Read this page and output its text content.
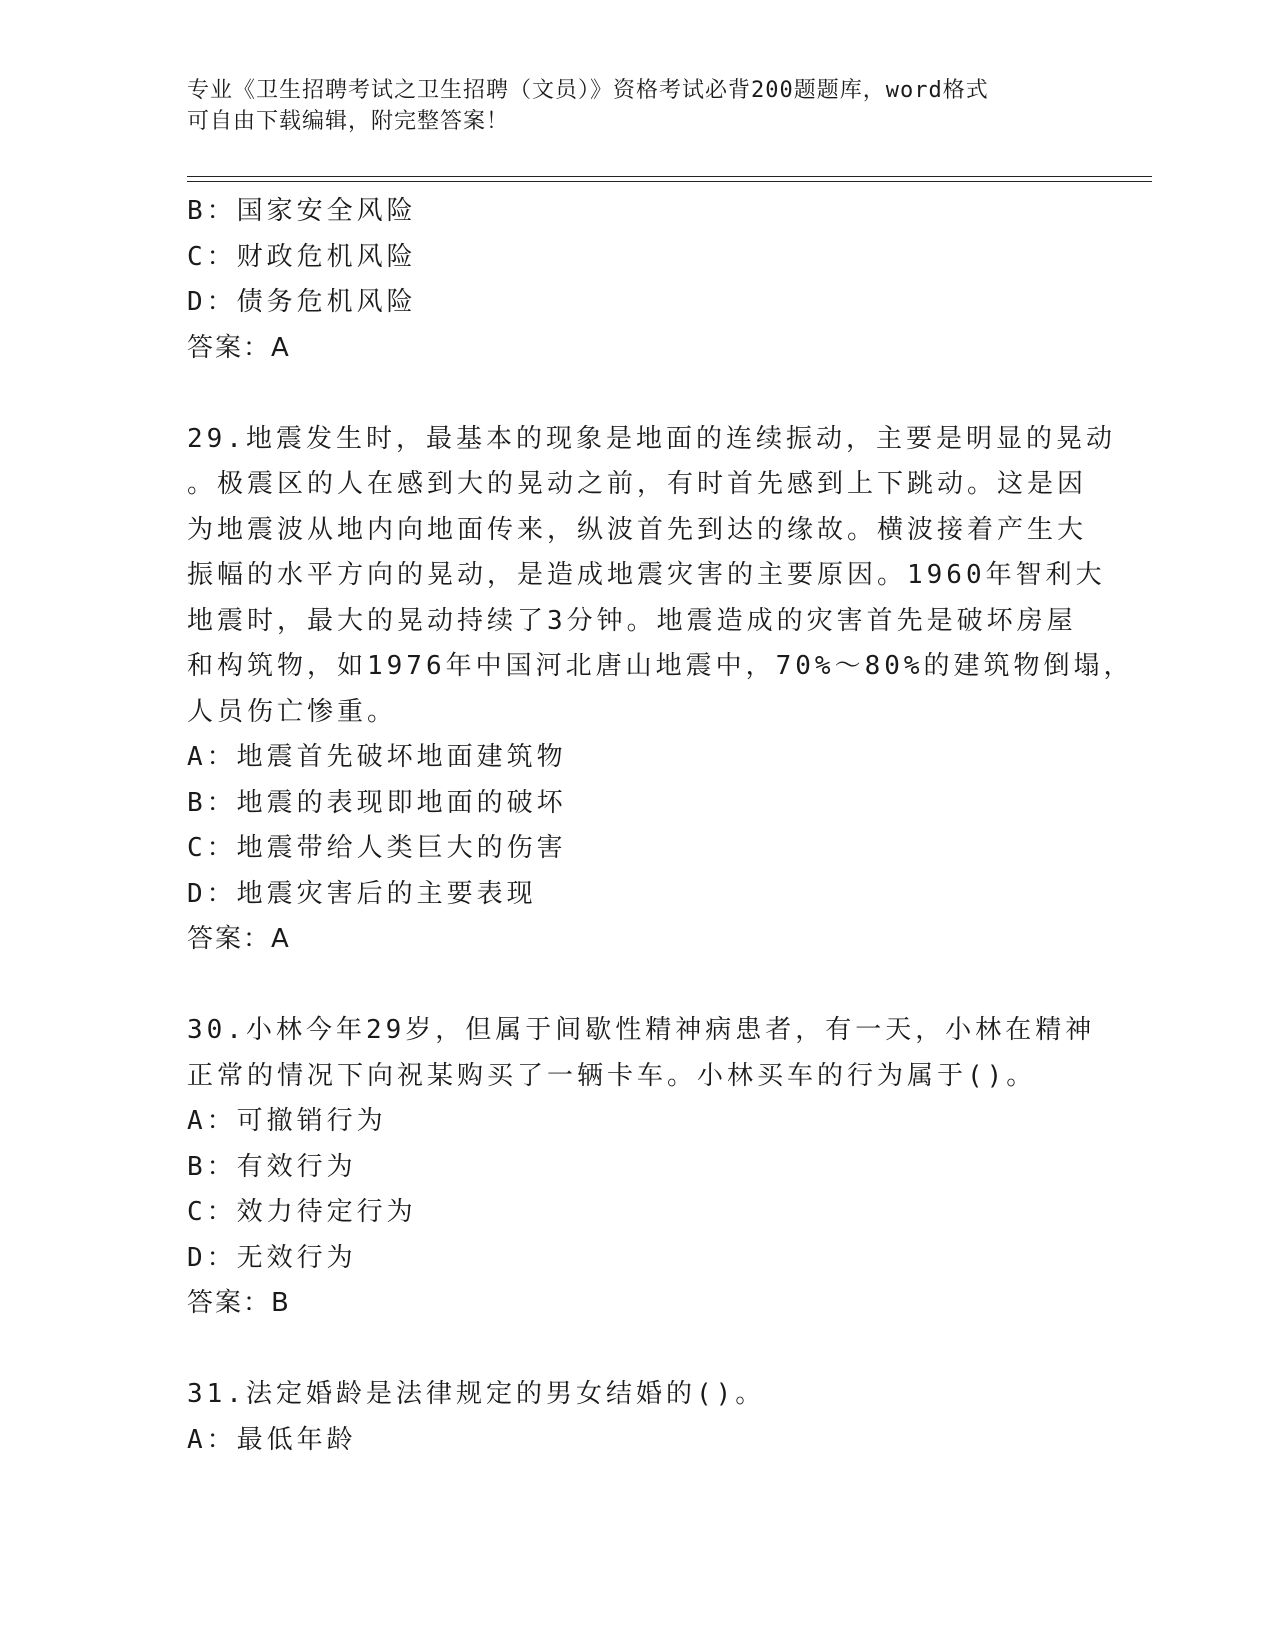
专业《卫生招聘考试之卫生招聘（文员）》资格考试必背200题题库，word格式
可自由下载编辑，附完整答案！
B：国家安全风险
C：财政危机风险
D：债务危机风险
答案：A
29.地震发生时，最基本的现象是地面的连续振动，主要是明显的晃动
。极震区的人在感到大的晃动之前，有时首先感到上下跳动。这是因
为地震波从地内向地面传来，纵波首先到达的缘故。横波接着产生大
振幅的水平方向的晃动，是造成地震灾害的主要原因。1960年智利大
地震时，最大的晃动持续了3分钟。地震造成的灾害首先是破坏房屋
和构筑物，如1976年中国河北唐山地震中，70%～80%的建筑物倒塌，
人员伤亡惨重。
A：地震首先破坏地面建筑物
B：地震的表现即地面的破坏
C：地震带给人类巨大的伤害
D：地震灾害后的主要表现
答案：A
30.小林今年29岁，但属于间歇性精神病患者，有一天，小林在精神
正常的情况下向祝某购买了一辆卡车。小林买车的行为属于()。
A：可撤销行为
B：有效行为
C：效力待定行为
D：无效行为
答案：B
31.法定婚龄是法律规定的男女结婚的()。
A：最低年龄
